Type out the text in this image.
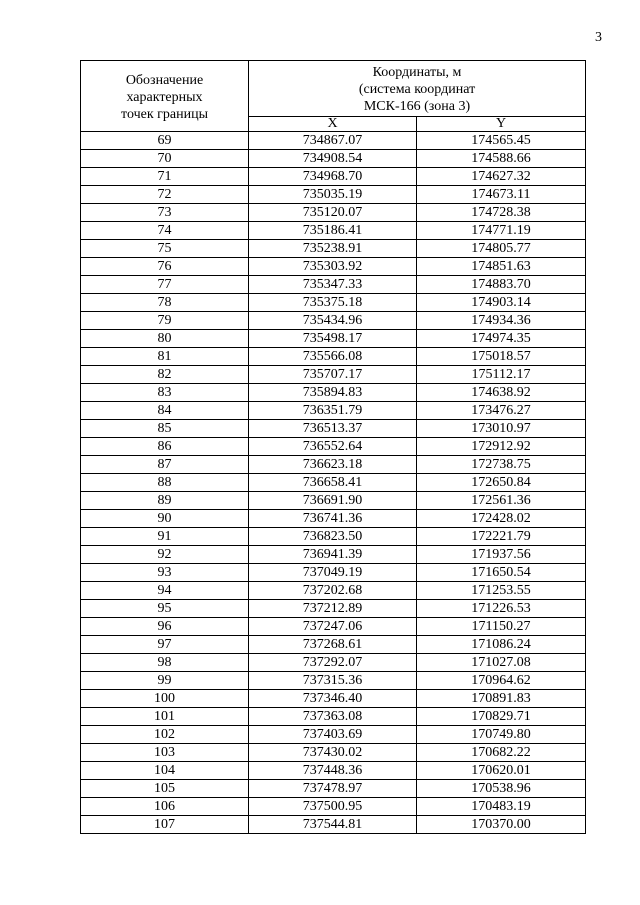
3
Обозначение
характерных
точек границы	Координаты, м
(система координат
МСК-166 (зона 3)	
	X	Y
69	734867.07	174565.45
70	734908.54	174588.66
71	734968.70	174627.32
72	735035.19	174673.11
73	735120.07	174728.38
74	735186.41	174771.19
75	735238.91	174805.77
76	735303.92	174851.63
77	735347.33	174883.70
78	735375.18	174903.14
79	735434.96	174934.36
80	735498.17	174974.35
81	735566.08	175018.57
82	735707.17	175112.17
83	735894.83	174638.92
84	736351.79	173476.27
85	736513.37	173010.97
86	736552.64	172912.92
87	736623.18	172738.75
88	736658.41	172650.84
89	736691.90	172561.36
90	736741.36	172428.02
91	736823.50	172221.79
92	736941.39	171937.56
93	737049.19	171650.54
94	737202.68	171253.55
95	737212.89	171226.53
96	737247.06	171150.27
97	737268.61	171086.24
98	737292.07	171027.08
99	737315.36	170964.62
100	737346.40	170891.83
101	737363.08	170829.71
102	737403.69	170749.80
103	737430.02	170682.22
104	737448.36	170620.01
105	737478.97	170538.96
106	737500.95	170483.19
107	737544.81	170370.00
